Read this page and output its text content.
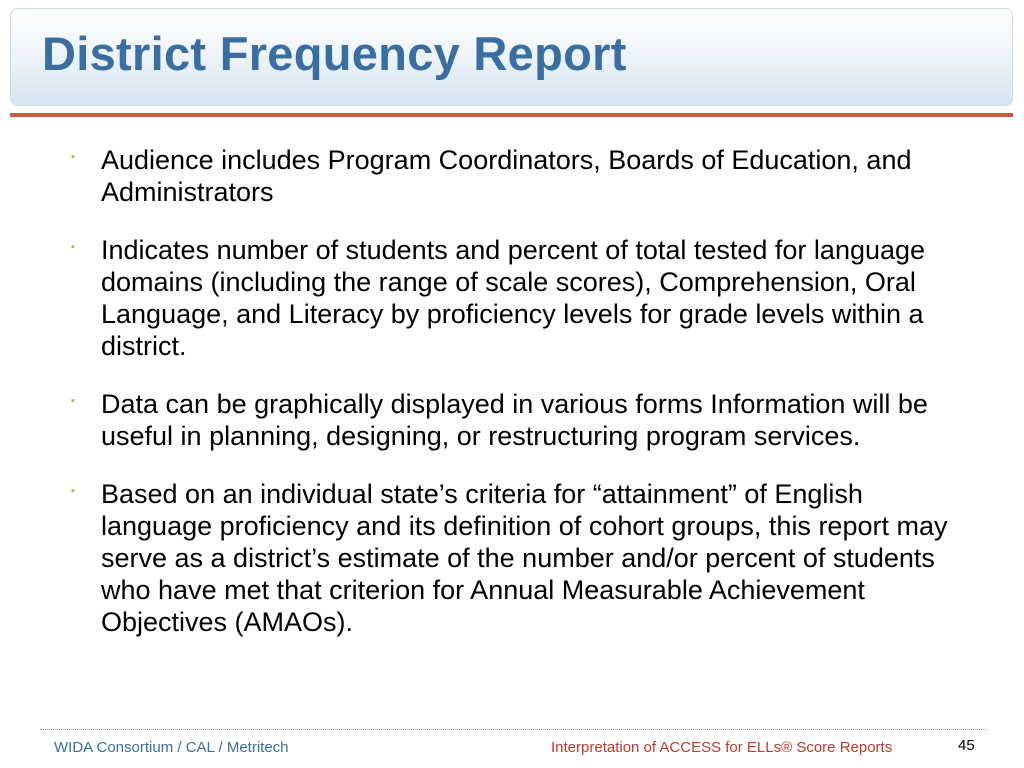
District Frequency Report
▪ Audience includes Program Coordinators, Boards of Education, and Administrators
▪ Indicates number of students and percent of total tested for language domains (including the range of scale scores), Comprehension, Oral Language, and Literacy by proficiency levels for grade levels within a district.
▪ Data can be graphically displayed in various forms Information will be useful in planning, designing, or restructuring program services.
▪ Based on an individual state’s criteria for “attainment” of English language proficiency and its definition of cohort groups, this report may serve as a district’s estimate of the number and/or percent of students who have met that criterion for Annual Measurable Achievement Objectives (AMAOs).
WIDA Consortium / CAL / Metritech	Interpretation of ACCESS for ELLs® Score Reports	45
